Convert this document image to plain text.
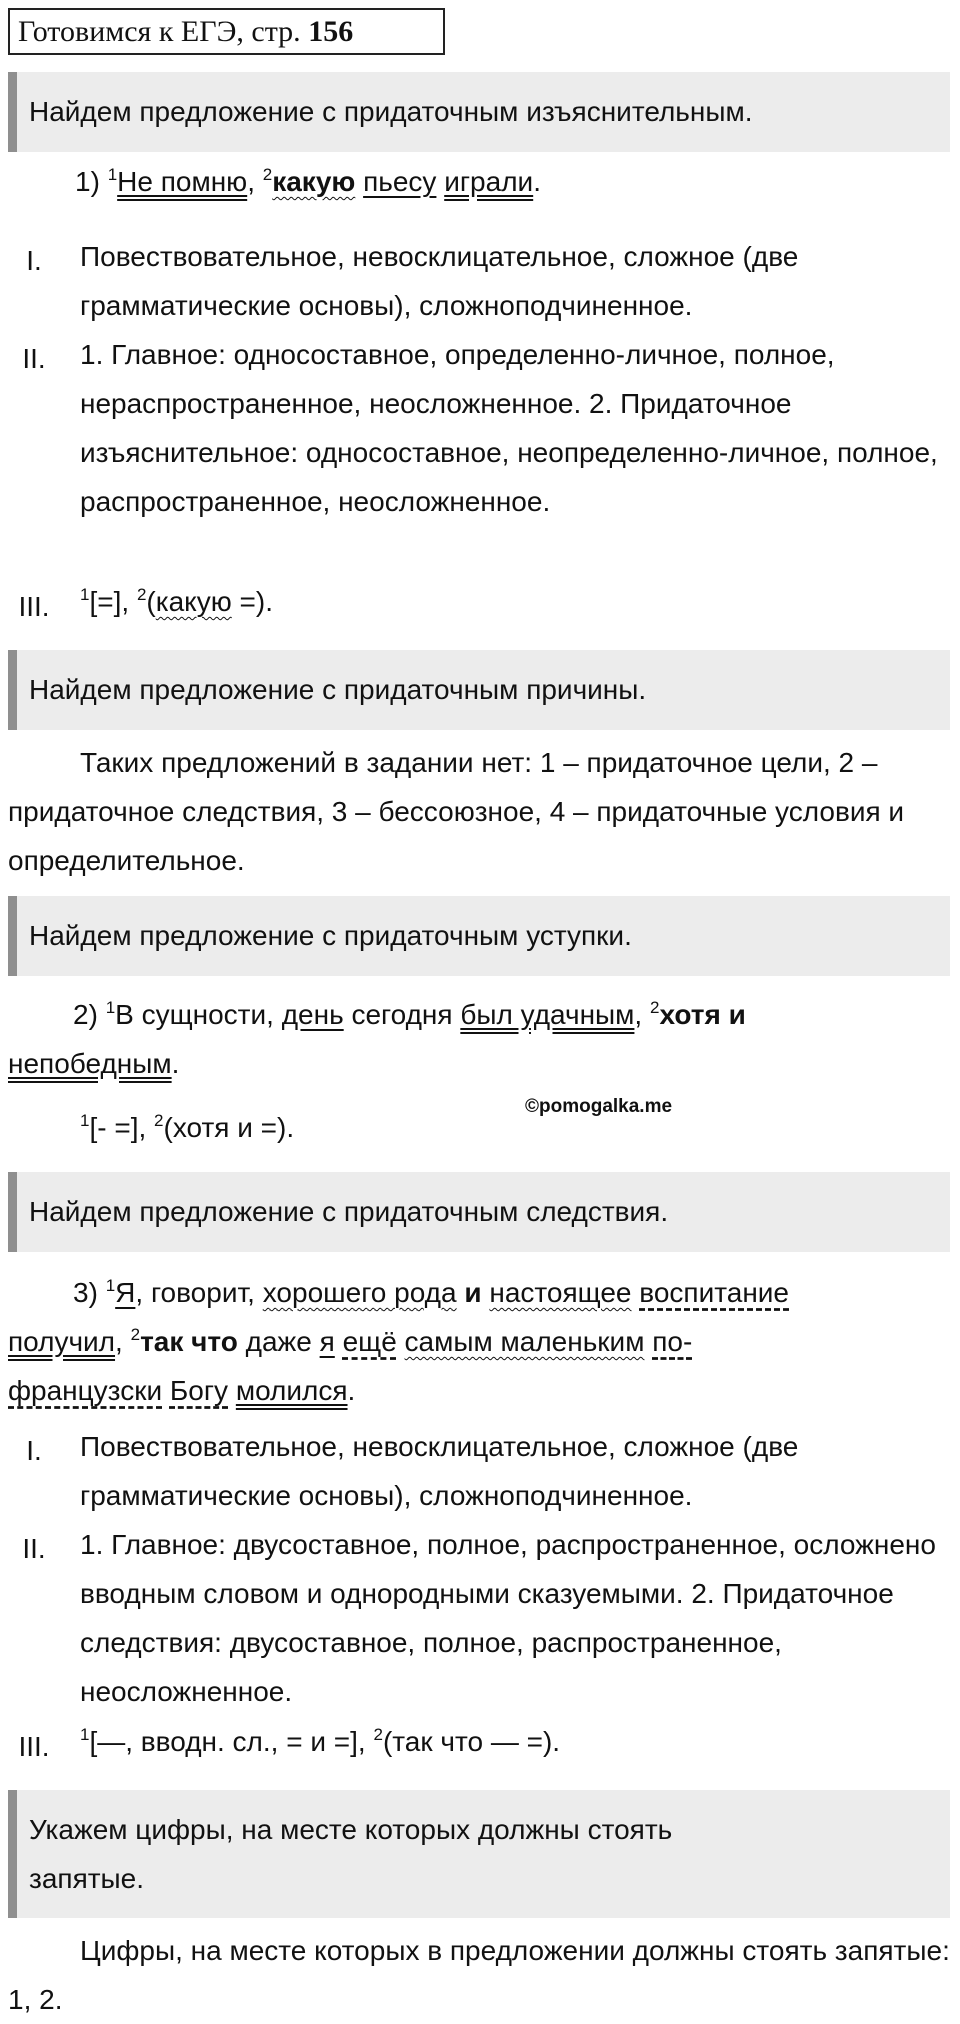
Готовимся к ЕГЭ, стр. 156
Найдем предложение с придаточным изъяснительным.
1) $^1$Не помню, $^2$какую пьесу играли.
I.	Повествовательное, невосклицательное, сложное (две грамматические основы), сложноподчиненное.
II.	1. Главное: односоставное, определенно-личное, полное, нераспространенное, неосложненное. 2. Придаточное изъяснительное: односоставное, неопределенно-личное, полное, распространенное, неосложненное.
III.	$^1$[=], $^2$(какую =).
Найдем предложение с придаточным причины.
Таких предложений в задании нет: 1 – придаточное цели, 2 – придаточное следствия, 3 – бессоюзное, 4 – придаточные условия и определительное.
Найдем предложение с придаточным уступки.
2) $^1$В сущности, день сегодня был удачным, $^2$хотя и
непобедным.
©pomogalka.me
$^1$[- =], $^2$(хотя и =).
Найдем предложение с придаточным следствия.
3) $^1$Я, говорит, хорошего рода и настоящее воспитание
получил, $^2$так что даже я ещё самым маленьким по-
французски Богу молился.
I.	Повествовательное, невосклицательное, сложное (две грамматические основы), сложноподчиненное.
II.	1. Главное: двусоставное, полное, распространенное, осложнено вводным словом и однородными сказуемыми. 2. Придаточное следствия: двусоставное, полное, распространенное, неосложненное.
III.	$^1$[—, вводн. сл., = и =], $^2$(так что — =).
Укажем цифры, на месте которых должны стоять запятые.
Цифры, на месте которых в предложении должны стоять запятые: 1, 2.
